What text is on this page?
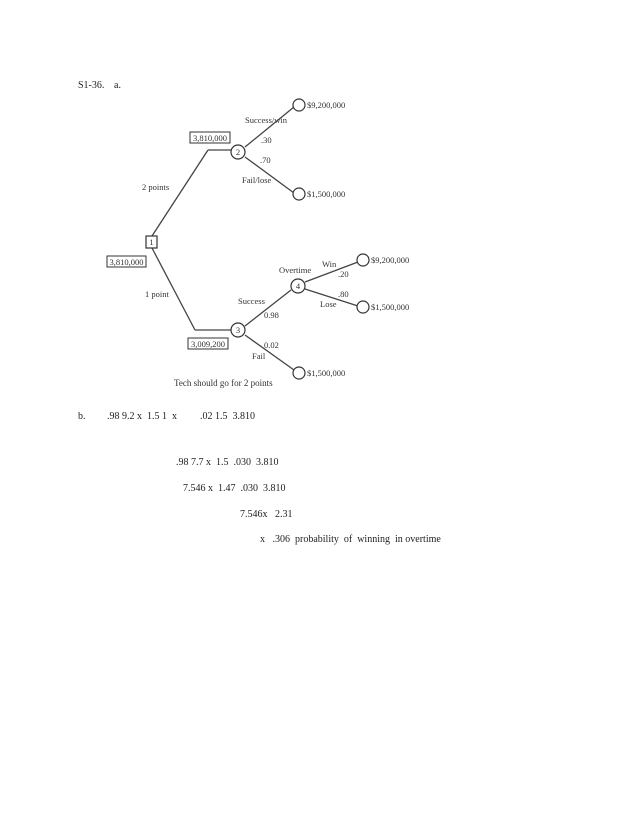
S1-36. a.
1
3,810,000
2 points
1 point
3,810,000
2
Success/win
.30
.70
Fail/lose
$9,200,000
$1,500,000
3
3,009,200
Success
0.98
0.02
Fail
$1,500,000
4
Overtime
Win
.20
.80
Lose
$9,200,000
$1,500,000
Tech should go for 2 points
b. .98 9.2 x  1.5 1  x .02 1.5  3.810
.98 7.7 x  1.5  .030  3.810
7.546 x  1.47  .030  3.810
7.546x   2.31
x   .306  probability  of  winning  in overtime
